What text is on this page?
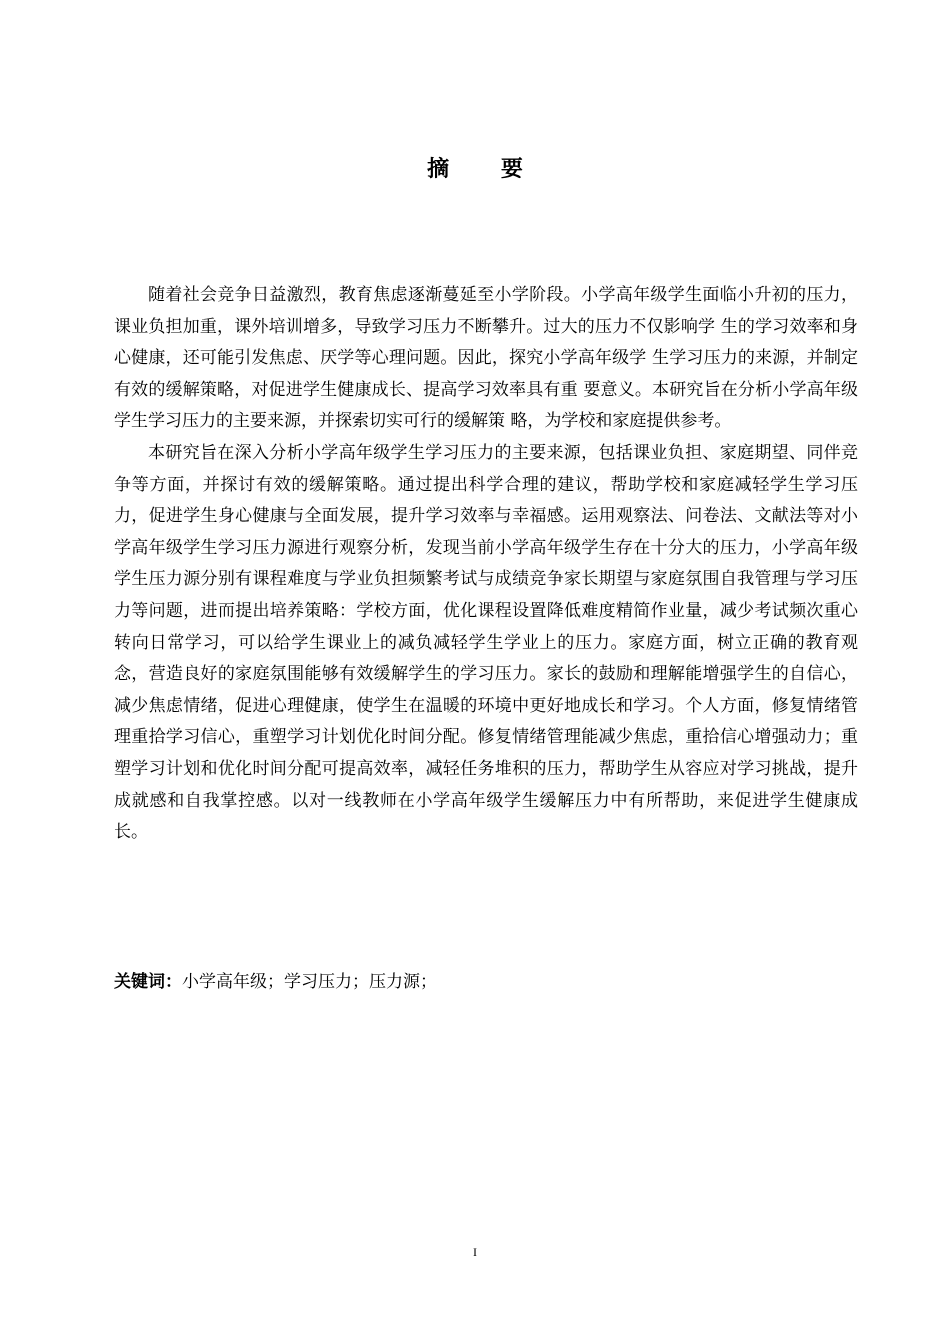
摘 要

随着社会竞争日益激烈，教育焦虑逐渐蔓延至小学阶段。小学高年级学生面临小升初的压力，课业负担加重，课外培训增多，导致学习压力不断攀升。过大的压力不仅影响学 生的学习效率和身心健康，还可能引发焦虑、厌学等心理问题。因此，探究小学高年级学 生学习压力的来源，并制定有效的缓解策略，对促进学生健康成长、提高学习效率具有重 要意义。本研究旨在分析小学高年级学生学习压力的主要来源，并探索切实可行的缓解策 略，为学校和家庭提供参考。

本研究旨在深入分析小学高年级学生学习压力的主要来源，包括课业负担、家庭期望、同伴竞争等方面，并探讨有效的缓解策略。通过提出科学合理的建议，帮助学校和家庭减轻学生学习压力，促进学生身心健康与全面发展，提升学习效率与幸福感。运用观察法、问卷法、文献法等对小学高年级学生学习压力源进行观察分析，发现当前小学高年级学生存在十分大的压力，小学高年级学生压力源分别有课程难度与学业负担频繁考试与成绩竞争家长期望与家庭氛围自我管理与学习压力等问题，进而提出培养策略：学校方面，优化课程设置降低难度精简作业量，减少考试频次重心转向日常学习，可以给学生课业上的减负减轻学生学业上的压力。家庭方面，树立正确的教育观念，营造良好的家庭氛围能够有效缓解学生的学习压力。家长的鼓励和理解能增强学生的自信心，减少焦虑情绪，促进心理健康，使学生在温暖的环境中更好地成长和学习。个人方面，修复情绪管理重拾学习信心，重塑学习计划优化时间分配。修复情绪管理能减少焦虑，重拾信心增强动力；重塑学习计划和优化时间分配可提高效率，减轻任务堆积的压力，帮助学生从容应对学习挑战，提升成就感和自我掌控感。以对一线教师在小学高年级学生缓解压力中有所帮助，来促进学生健康成长。

关键词：小学高年级；学习压力；压力源；
I
